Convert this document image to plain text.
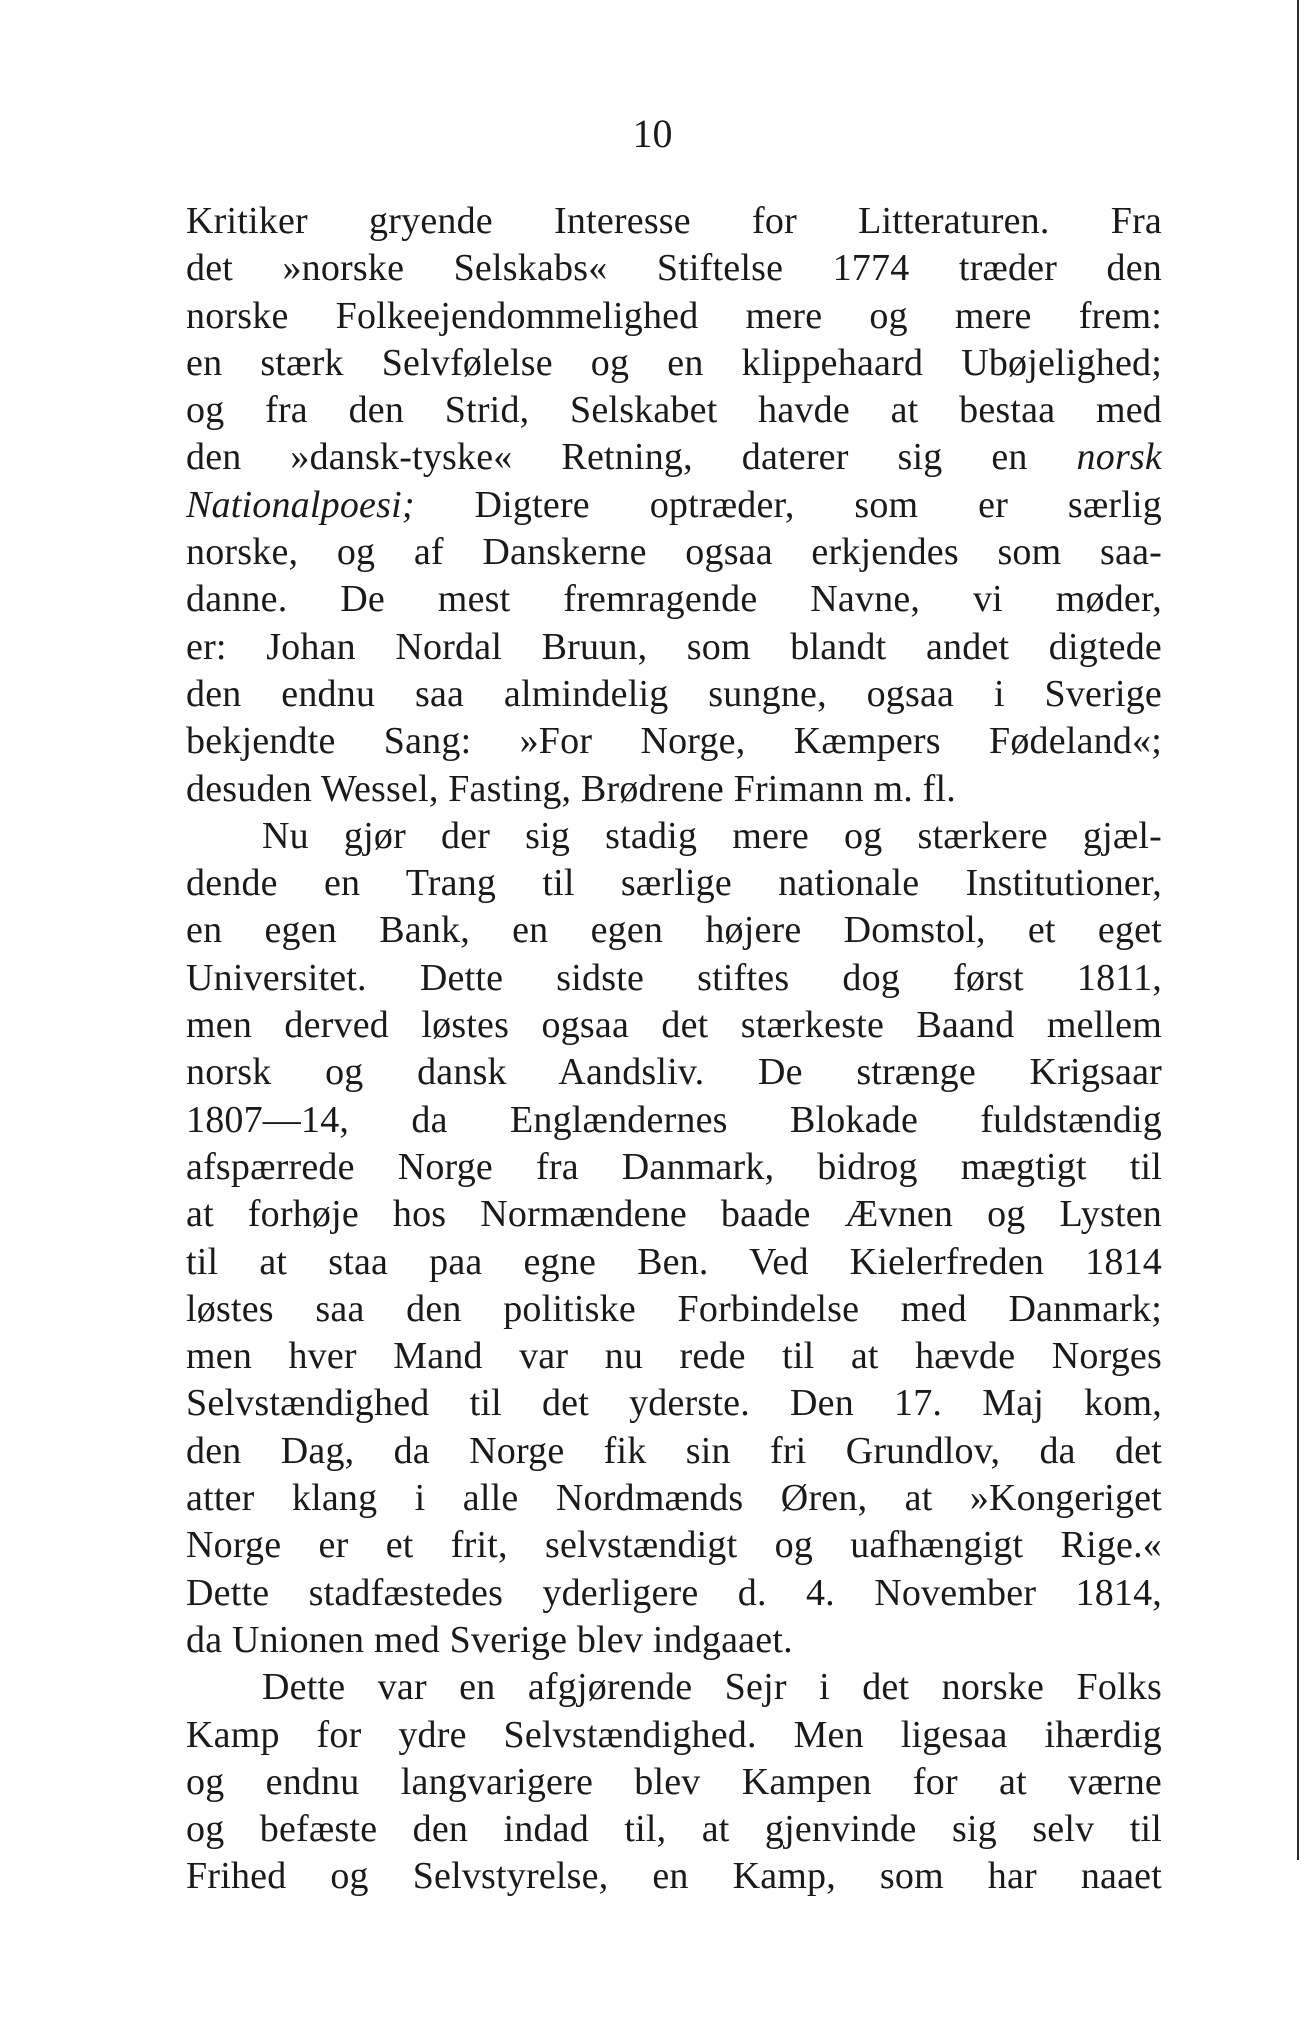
10
Kritiker gryende Interesse for Litteraturen. Fra
det »norske Selskabs« Stiftelse 1774 træder den
norske Folkeejendommelighed mere og mere frem:
en stærk Selvfølelse og en klippehaard Ubøjelighed;
og fra den Strid, Selskabet havde at bestaa med
den »dansk-tyske« Retning, daterer sig en norsk
Nationalpoesi; Digtere optræder, som er særlig
norske, og af Danskerne ogsaa erkjendes som saa-
danne. De mest fremragende Navne, vi møder,
er: Johan Nordal Bruun, som blandt andet digtede
den endnu saa almindelig sungne, ogsaa i Sverige
bekjendte Sang: »For Norge, Kæmpers Fødeland«;
desuden Wessel, Fasting, Brødrene Frimann m. fl.
Nu gjør der sig stadig mere og stærkere gjæl-
dende en Trang til særlige nationale Institutioner,
en egen Bank, en egen højere Domstol, et eget
Universitet. Dette sidste stiftes dog først 1811,
men derved løstes ogsaa det stærkeste Baand mellem
norsk og dansk Aandsliv. De strænge Krigsaar
1807—14, da Englændernes Blokade fuldstændig
afspærrede Norge fra Danmark, bidrog mægtigt til
at forhøje hos Normændene baade Ævnen og Lysten
til at staa paa egne Ben. Ved Kielerfreden 1814
løstes saa den politiske Forbindelse med Danmark;
men hver Mand var nu rede til at hævde Norges
Selvstændighed til det yderste. Den 17. Maj kom,
den Dag, da Norge fik sin fri Grundlov, da det
atter klang i alle Nordmænds Øren, at »Kongeriget
Norge er et frit, selvstændigt og uafhængigt Rige.«
Dette stadfæstedes yderligere d. 4. November 1814,
da Unionen med Sverige blev indgaaet.
Dette var en afgjørende Sejr i det norske Folks
Kamp for ydre Selvstændighed. Men ligesaa ihærdig
og endnu langvarigere blev Kampen for at værne
og befæste den indad til, at gjenvinde sig selv til
Frihed og Selvstyrelse, en Kamp, som har naaet
